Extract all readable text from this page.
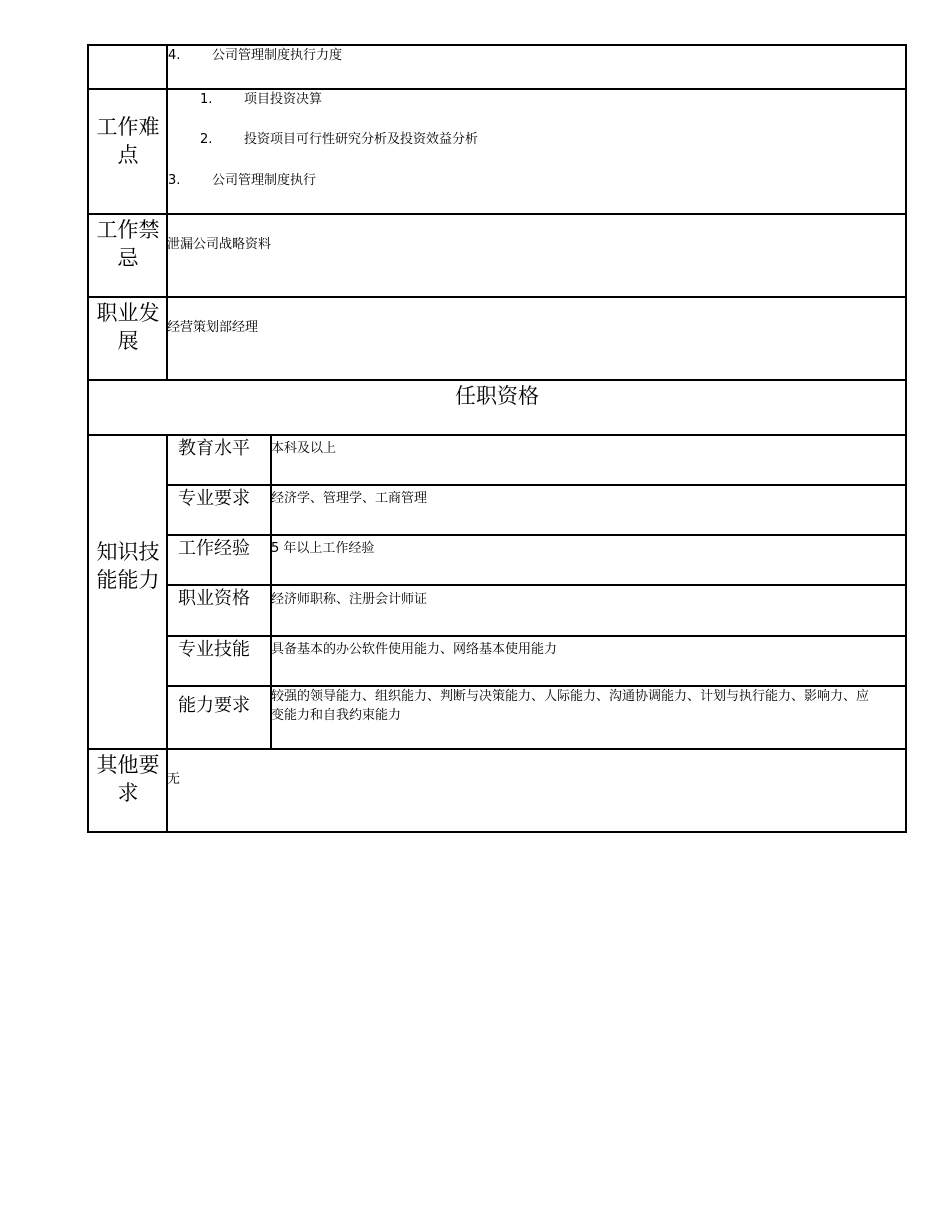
4. 公司管理制度执行力度
工作难点
1. 项目投资决算
2. 投资项目可行性研究分析及投资效益分析
3. 公司管理制度执行
工作禁忌
泄漏公司战略资料
职业发展
经营策划部经理
任职资格
知识技能能力
教育水平 本科及以上
专业要求 经济学、管理学、工商管理
工作经验 5 年以上工作经验
职业资格 经济师职称、注册会计师证
专业技能 具备基本的办公软件使用能力、网络基本使用能力
能力要求 较强的领导能力、组织能力、判断与决策能力、人际能力、沟通协调能力、计划与执行能力、影响力、应变能力和自我约束能力
其他要求
无
